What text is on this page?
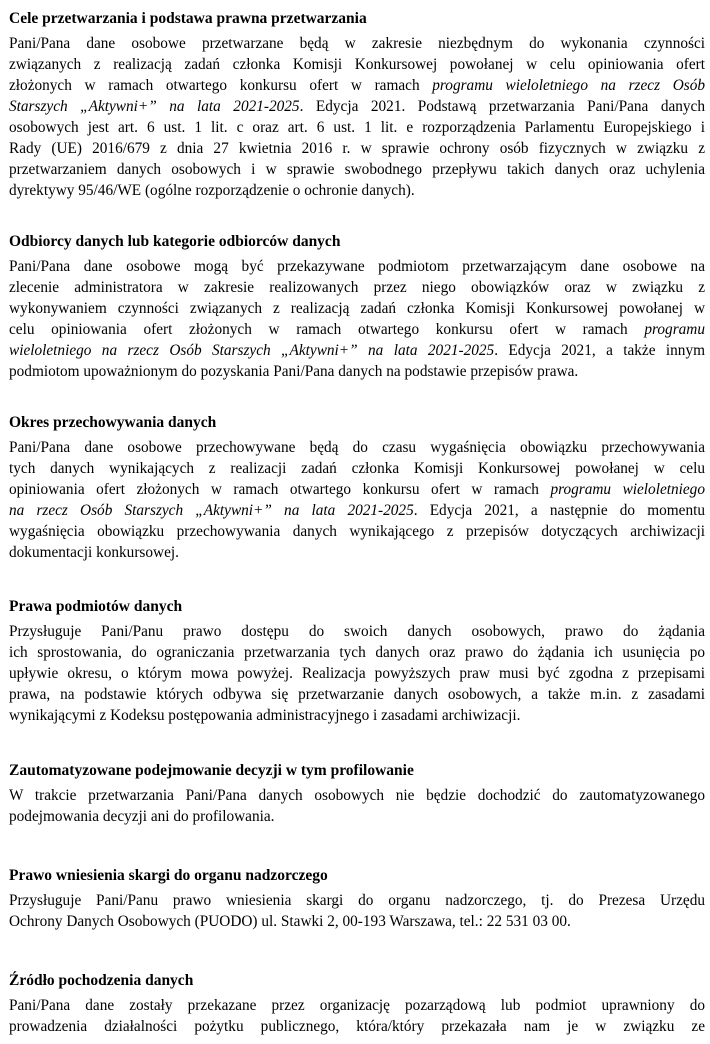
Cele przetwarzania i podstawa prawna przetwarzania
Pani/Pana dane osobowe przetwarzane będą w zakresie niezbędnym do wykonania czynności
związanych z realizacją zadań członka Komisji Konkursowej powołanej w celu opiniowania ofert
złożonych w ramach otwartego konkursu ofert w ramach programu wieloletniego na rzecz Osób
Starszych „Aktywni+” na lata 2021-2025. Edycja 2021. Podstawą przetwarzania Pani/Pana danych
osobowych jest art. 6 ust. 1 lit. c oraz art. 6 ust. 1 lit. e rozporządzenia Parlamentu Europejskiego i
Rady (UE) 2016/679 z dnia 27 kwietnia 2016 r. w sprawie ochrony osób fizycznych w związku z
przetwarzaniem danych osobowych i w sprawie swobodnego przepływu takich danych oraz uchylenia
dyrektywy 95/46/WE (ogólne rozporządzenie o ochronie danych).
Odbiorcy danych lub kategorie odbiorców danych
Pani/Pana dane osobowe mogą być przekazywane podmiotom przetwarzającym dane osobowe na
zlecenie administratora w zakresie realizowanych przez niego obowiązków oraz w związku z
wykonywaniem czynności związanych z realizacją zadań członka Komisji Konkursowej powołanej w
celu opiniowania ofert złożonych w ramach otwartego konkursu ofert w ramach programu
wieloletniego na rzecz Osób Starszych „Aktywni+” na lata 2021-2025. Edycja 2021, a także innym
podmiotom upoważnionym do pozyskania Pani/Pana danych na podstawie przepisów prawa.
Okres przechowywania danych
Pani/Pana dane osobowe przechowywane będą do czasu wygaśnięcia obowiązku przechowywania
tych danych wynikających z realizacji zadań członka Komisji Konkursowej powołanej w celu
opiniowania ofert złożonych w ramach otwartego konkursu ofert w ramach programu wieloletniego
na rzecz Osób Starszych „Aktywni+” na lata 2021-2025. Edycja 2021, a następnie do momentu
wygaśnięcia obowiązku przechowywania danych wynikającego z przepisów dotyczących archiwizacji
dokumentacji konkursowej.
Prawa podmiotów danych
Przysługuje Pani/Panu prawo dostępu do swoich danych osobowych, prawo do żądania
ich sprostowania, do ograniczania przetwarzania tych danych oraz prawo do żądania ich usunięcia po
upływie okresu, o którym mowa powyżej. Realizacja powyższych praw musi być zgodna z przepisami
prawa, na podstawie których odbywa się przetwarzanie danych osobowych, a także m.in. z zasadami
wynikającymi z Kodeksu postępowania administracyjnego i zasadami archiwizacji.
Zautomatyzowane podejmowanie decyzji w tym profilowanie
W trakcie przetwarzania Pani/Pana danych osobowych nie będzie dochodzić do zautomatyzowanego
podejmowania decyzji ani do profilowania.
Prawo wniesienia skargi do organu nadzorczego
Przysługuje Pani/Panu prawo wniesienia skargi do organu nadzorczego, tj. do Prezesa Urzędu
Ochrony Danych Osobowych (PUODO) ul. Stawki 2, 00-193 Warszawa, tel.: 22 531 03 00.
Źródło pochodzenia danych
Pani/Pana dane zostały przekazane przez organizację pozarządową lub podmiot uprawniony do
prowadzenia działalności pożytku publicznego, która/który przekazała nam je w związku ze
